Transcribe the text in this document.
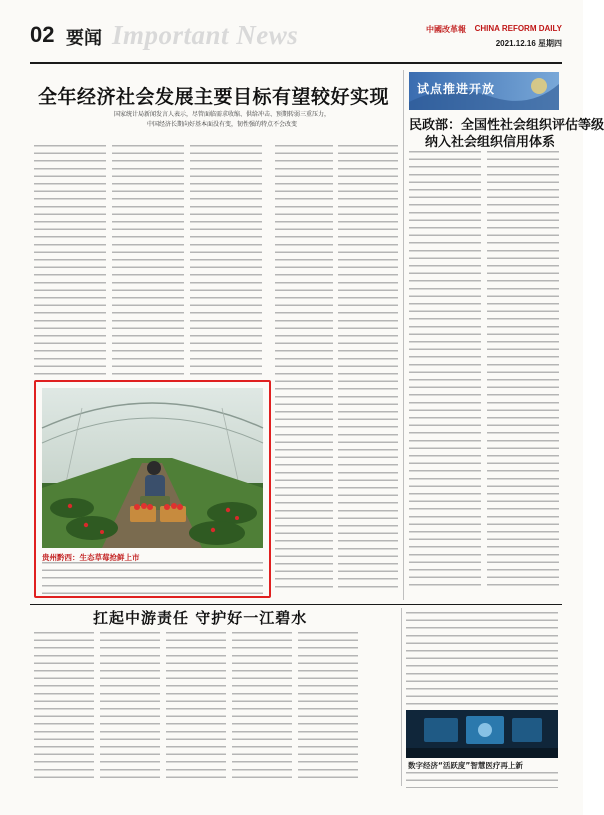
02 要闻 Important News	中國改革報 CHINA REFORM DAILY
2021.12.16 星期四
全年经济社会发展主要目标有望较好实现
国家统计局新闻发言人表示，尽管面临需求收缩、供给冲击、预期转弱三重压力，
中国经济长期向好基本面没有变，韧性强的特点不会改变
贵州黔西：生态草莓抢鲜上市
试点推进开放
民政部：全国性社会组织评估等级
纳入社会组织信用体系
扛起中游责任 守护好一江碧水
数字经济“活跃度”智慧医疗再上新
